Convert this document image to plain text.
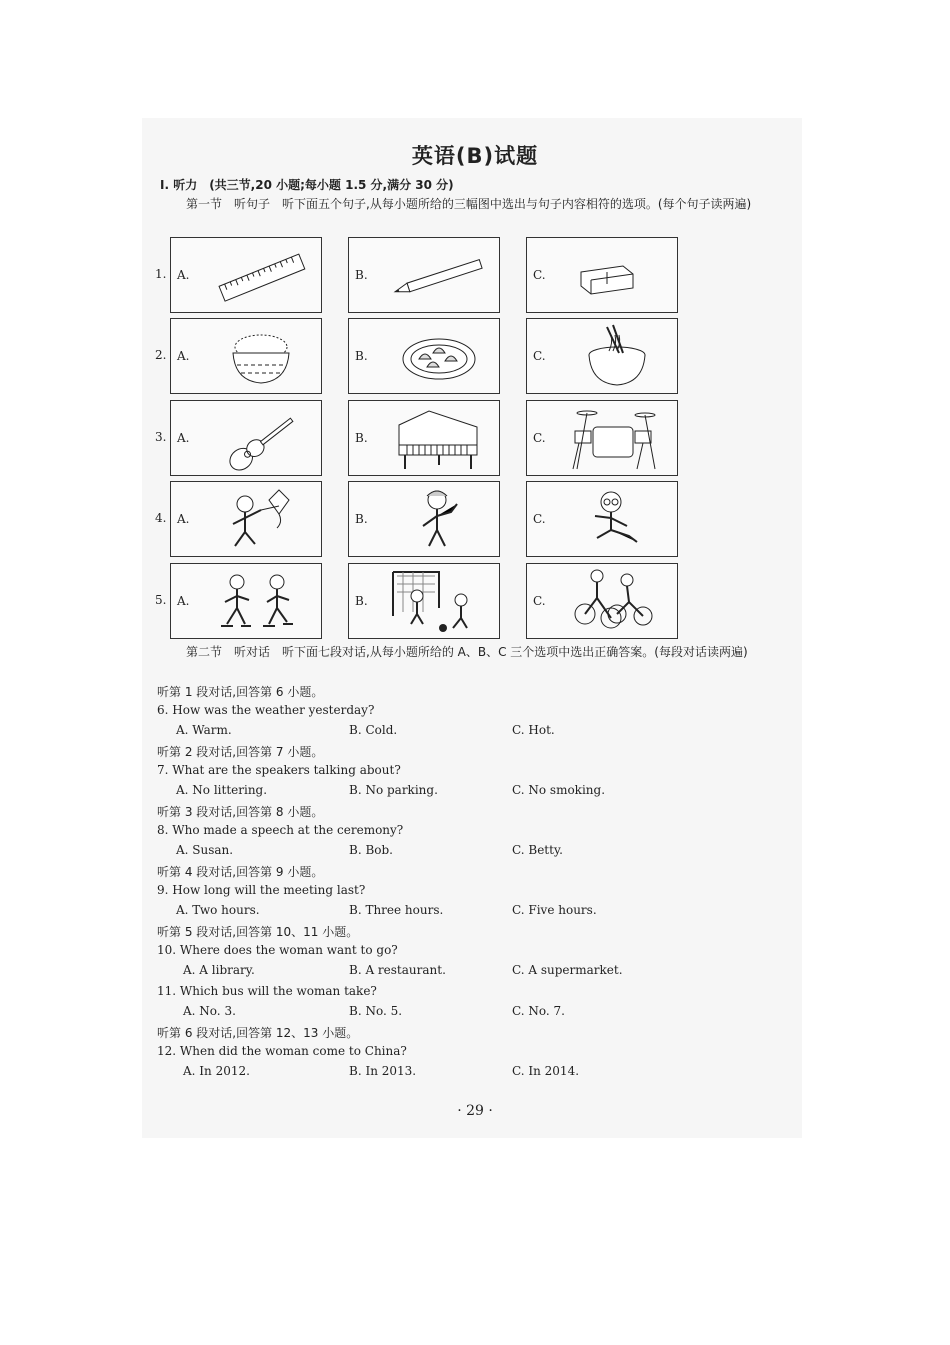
英语(B)试题
I. 听力　(共三节,20 小题;每小题 1.5 分,满分 30 分)
第一节　听句子　听下面五个句子,从每小题所给的三幅图中选出与句子内容相符的选项。(每个句子读两遍)
1. A.	B.	C.
2. A.	B.	C.
3. A.	B.	C.
4. A.	B.	C.
5. A.	B.	C.
第二节　听对话　听下面七段对话,从每小题所给的 A、B、C 三个选项中选出正确答案。(每段对话读两遍)
听第 1 段对话,回答第 6 小题。
6. How was the weather yesterday?
A. Warm.	B. Cold.	C. Hot.
听第 2 段对话,回答第 7 小题。
7. What are the speakers talking about?
A. No littering.	B. No parking.	C. No smoking.
听第 3 段对话,回答第 8 小题。
8. Who made a speech at the ceremony?
A. Susan.	B. Bob.	C. Betty.
听第 4 段对话,回答第 9 小题。
9. How long will the meeting last?
A. Two hours.	B. Three hours.	C. Five hours.
听第 5 段对话,回答第 10、11 小题。
10. Where does the woman want to go?
A. A library.	B. A restaurant.	C. A supermarket.
11. Which bus will the woman take?
A. No. 3.	B. No. 5.	C. No. 7.
听第 6 段对话,回答第 12、13 小题。
12. When did the woman come to China?
A. In 2012.	B. In 2013.	C. In 2014.
· 29 ·
